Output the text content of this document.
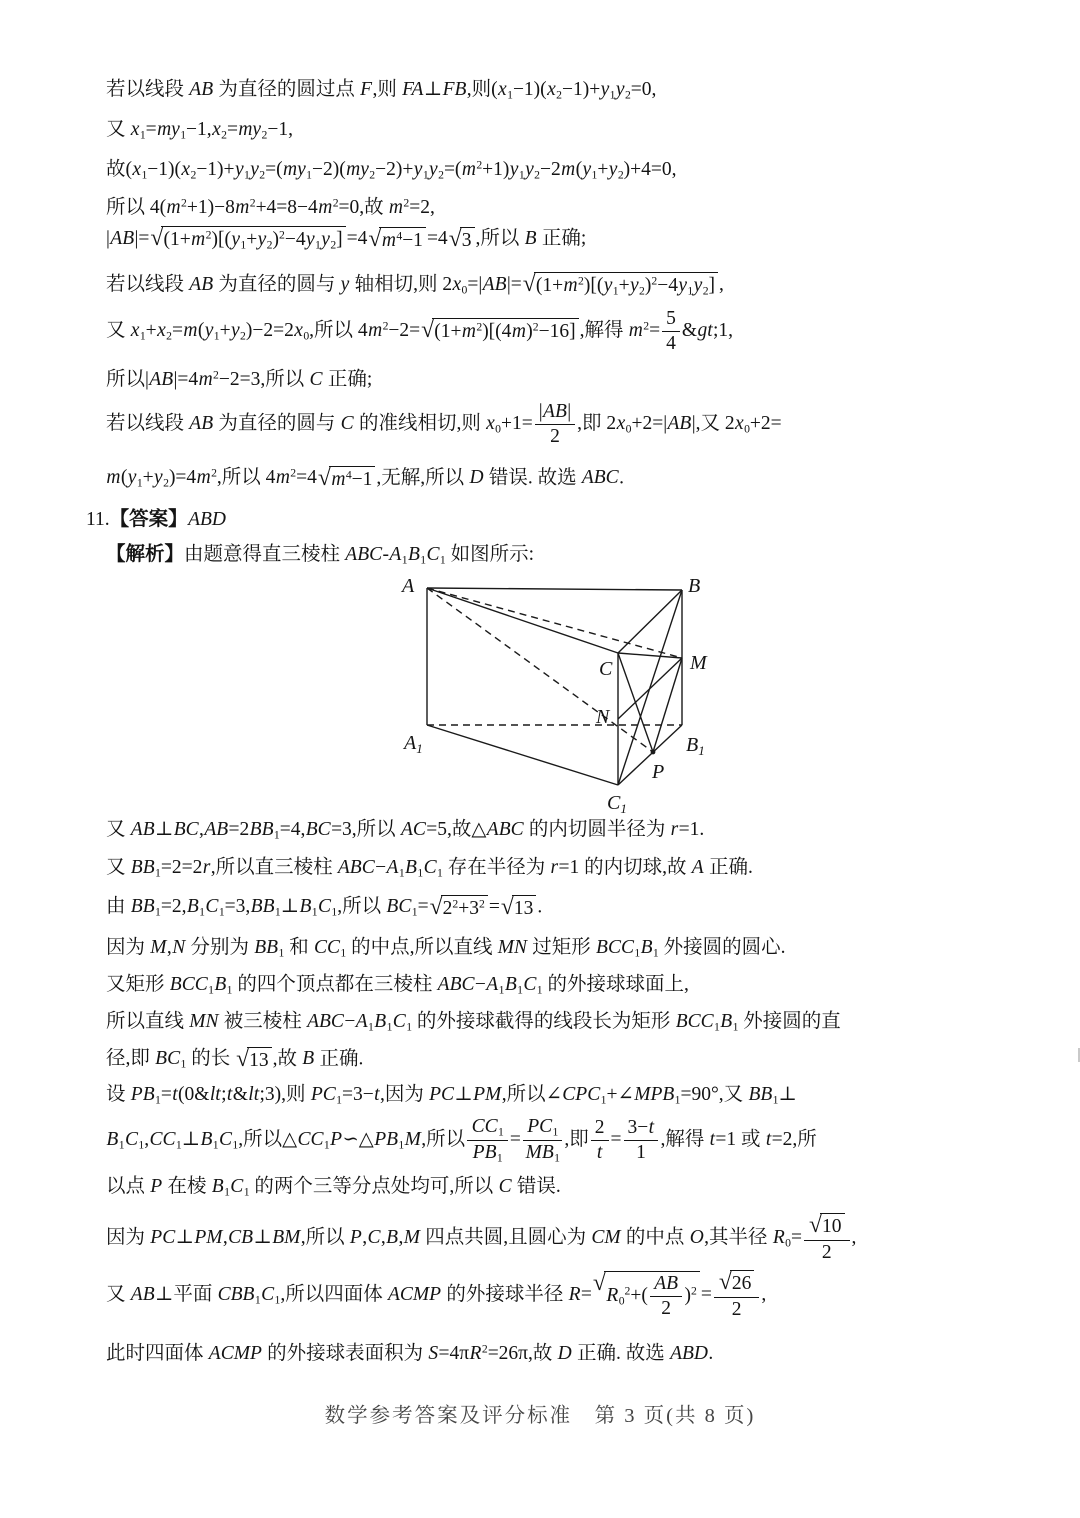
若以线段 AB 为直径的圆过点 F,则 FA⊥FB,则$(x_1-1)(x_2-1)+y_1y_2=0$,
又 $x_1=my_1-1,x_2=my_2-1$,
故$(x_1-1)(x_2-1)+y_1y_2=(my_1-2)(my_2-2)+y_1y_2=(m^2+1)y_1y_2-2m(y_1+y_2)+4=0$,
所以 $4(m^2+1)-8m^2+4=8-4m^2=0$,故 $m^2=2$,
|AB|= √ $(1+m^2)[(y_1+y_2)^2-4y_1y_2] =4$ √ $m^4-1 =4$ √ 3 ,所以 B 正确;
若以线段 AB 为直径的圆与 y 轴相切,则 $2x_0=|AB|=$ √ $(1+m^2)[(y_1+y_2)^2-4y_1y_2]$ ,
又 $x_1+x_2=m(y_1+y_2)-2=2x_0$,所以 $4m^2-2=$ √ $(1+m^2)[(4m)^2-16]$ ,解得 $m^2= \frac{5}{4}$ &gt;1,
所以$|AB|=4m^2-2=3$,所以 C 正确;
若以线段 AB 为直径的圆与 C 的准线相切,则 $x_0+1= \frac{|AB|}{2}$ ,即 $2x_0+2=|AB|$,又 $2x_0+2=$
$m(y_1+y_2)=4m^2$,所以 $4m^2=4$ √ $m^4-1$ ,无解,所以 D 错误. 故选 ABC.
11.【答案】ABD
【解析】由题意得直三棱柱 ABC-$A_1B_1C_1$ 如图所示:
A	B
C	M
N
$A_1$	$B_1$
P
$C_1$
又 $AB\perp BC,AB=2BB_1=4,BC=3$,所以 AC=5,故△ABC 的内切圆半径为 r=1.
又 $BB_1=2=2r$,所以直三棱柱 $ABC-A_1B_1C_1$ 存在半径为 r=1 的内切球,故 A 正确.
由 $BB_1=2,B_1C_1=3,BB_1\perp B_1C_1$,所以 $BC_1=$ √ $2^2+3^2$ = √ 13 .
因为 M,N 分别为 $BB_1$ 和 $CC_1$ 的中点,所以直线 MN 过矩形 $BCC_1B_1$ 外接圆的圆心.
又矩形 $BCC_1B_1$ 的四个顶点都在三棱柱 $ABC-A_1B_1C_1$ 的外接球球面上,
所以直线 MN 被三棱柱 $ABC-A_1B_1C_1$ 的外接球截得的线段长为矩形 $BCC_1B_1$ 外接圆的直
径,即 $BC_1$ 的长 √ 13 ,故 B 正确.
设 $PB_1=t(0\&lt;t\&lt;3)$,则 $PC_1=3-t$,因为 PC⊥PM,所以$\angle CPC_1+\angle MPB_1=90^\circ$,又 $BB_1\perp$
$B_1C_1,CC_1\perp B_1C_1$,所以$\triangle CC_1P∽\triangle PB_1M$,所以 $\frac{CC_1}{PB_1} = \frac{PC_1}{MB_1}$ ,即 $\frac{2}{t} = \frac{3-t}{1}$ ,解得 t=1 或 t=2,所
以点 P 在棱 $B_1C_1$ 的两个三等分点处均可,所以 C 错误.
因为 PC⊥PM,CB⊥BM,所以 P,C,B,M 四点共圆,且圆心为 CM 的中点 O,其半径 $R_0= \frac{√ 10}{2}$ ,
又 AB⊥平面 $CBB_1C_1$,所以四面体 ACMP 的外接球半径 R= √ $R_0^2+( \frac{AB}{2} )^2 = \frac{√ 26}{2}$ ,
此时四面体 ACMP 的外接球表面积为 $S=4\pi R^2=26\pi$,故 D 正确. 故选 ABD.
数学参考答案及评分标准　第 3 页(共 8 页)
